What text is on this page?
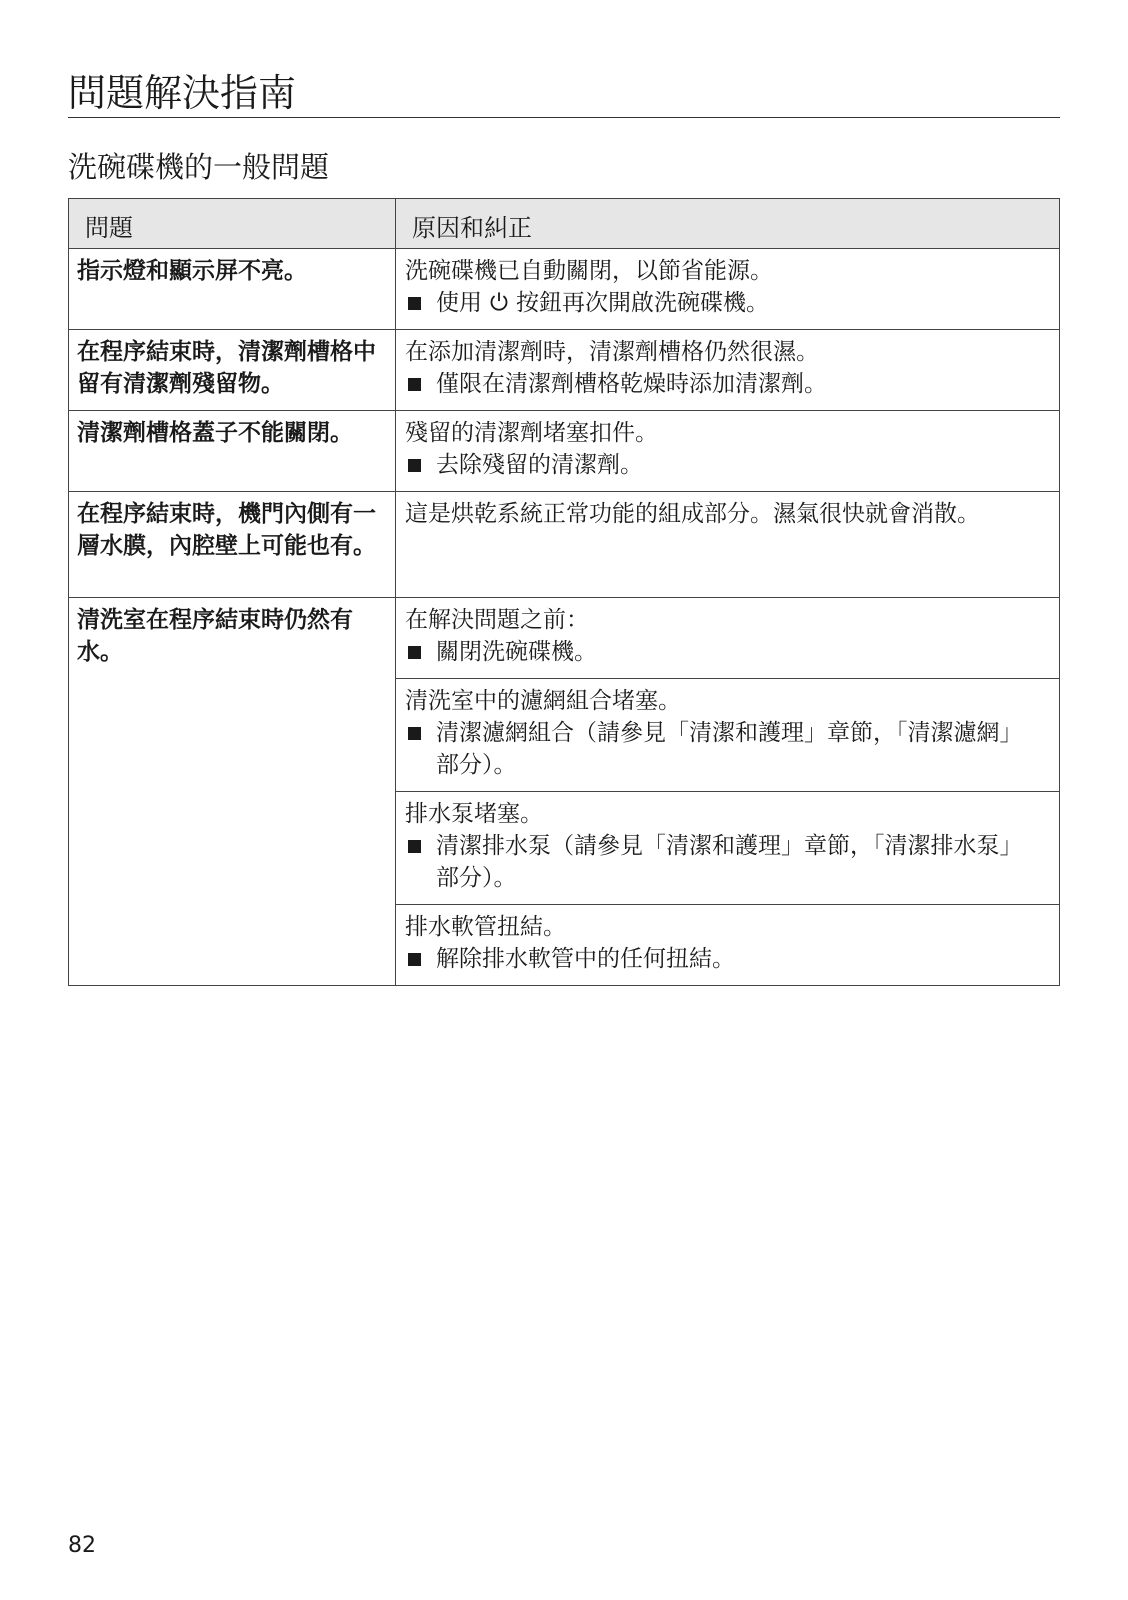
問題解決指南
洗碗碟機的一般問題
問題	原因和糾正
指示燈和顯示屏不亮。	洗碗碟機已自動關閉，以節省能源。
使用 按鈕再次開啟洗碗碟機。

在程序結束時，清潔劑槽格中留有清潔劑殘留物。	在添加清潔劑時，清潔劑槽格仍然很濕。
僅限在清潔劑槽格乾燥時添加清潔劑。

清潔劑槽格蓋子不能關閉。	殘留的清潔劑堵塞扣件。
去除殘留的清潔劑。

在程序結束時，機門內側有一層水膜，內腔壁上可能也有。	這是烘乾系統正常功能的組成部分。濕氣很快就會消散。

清洗室在程序結束時仍然有水。	在解決問題之前：
關閉洗碗碟機。

	清洗室中的濾網組合堵塞。
清潔濾網組合（請參見「清潔和護理」章節，「清潔濾網」部分）。

	排水泵堵塞。
清潔排水泵（請參見「清潔和護理」章節，「清潔排水泵」部分）。

	排水軟管扭結。
解除排水軟管中的任何扭結。
82
